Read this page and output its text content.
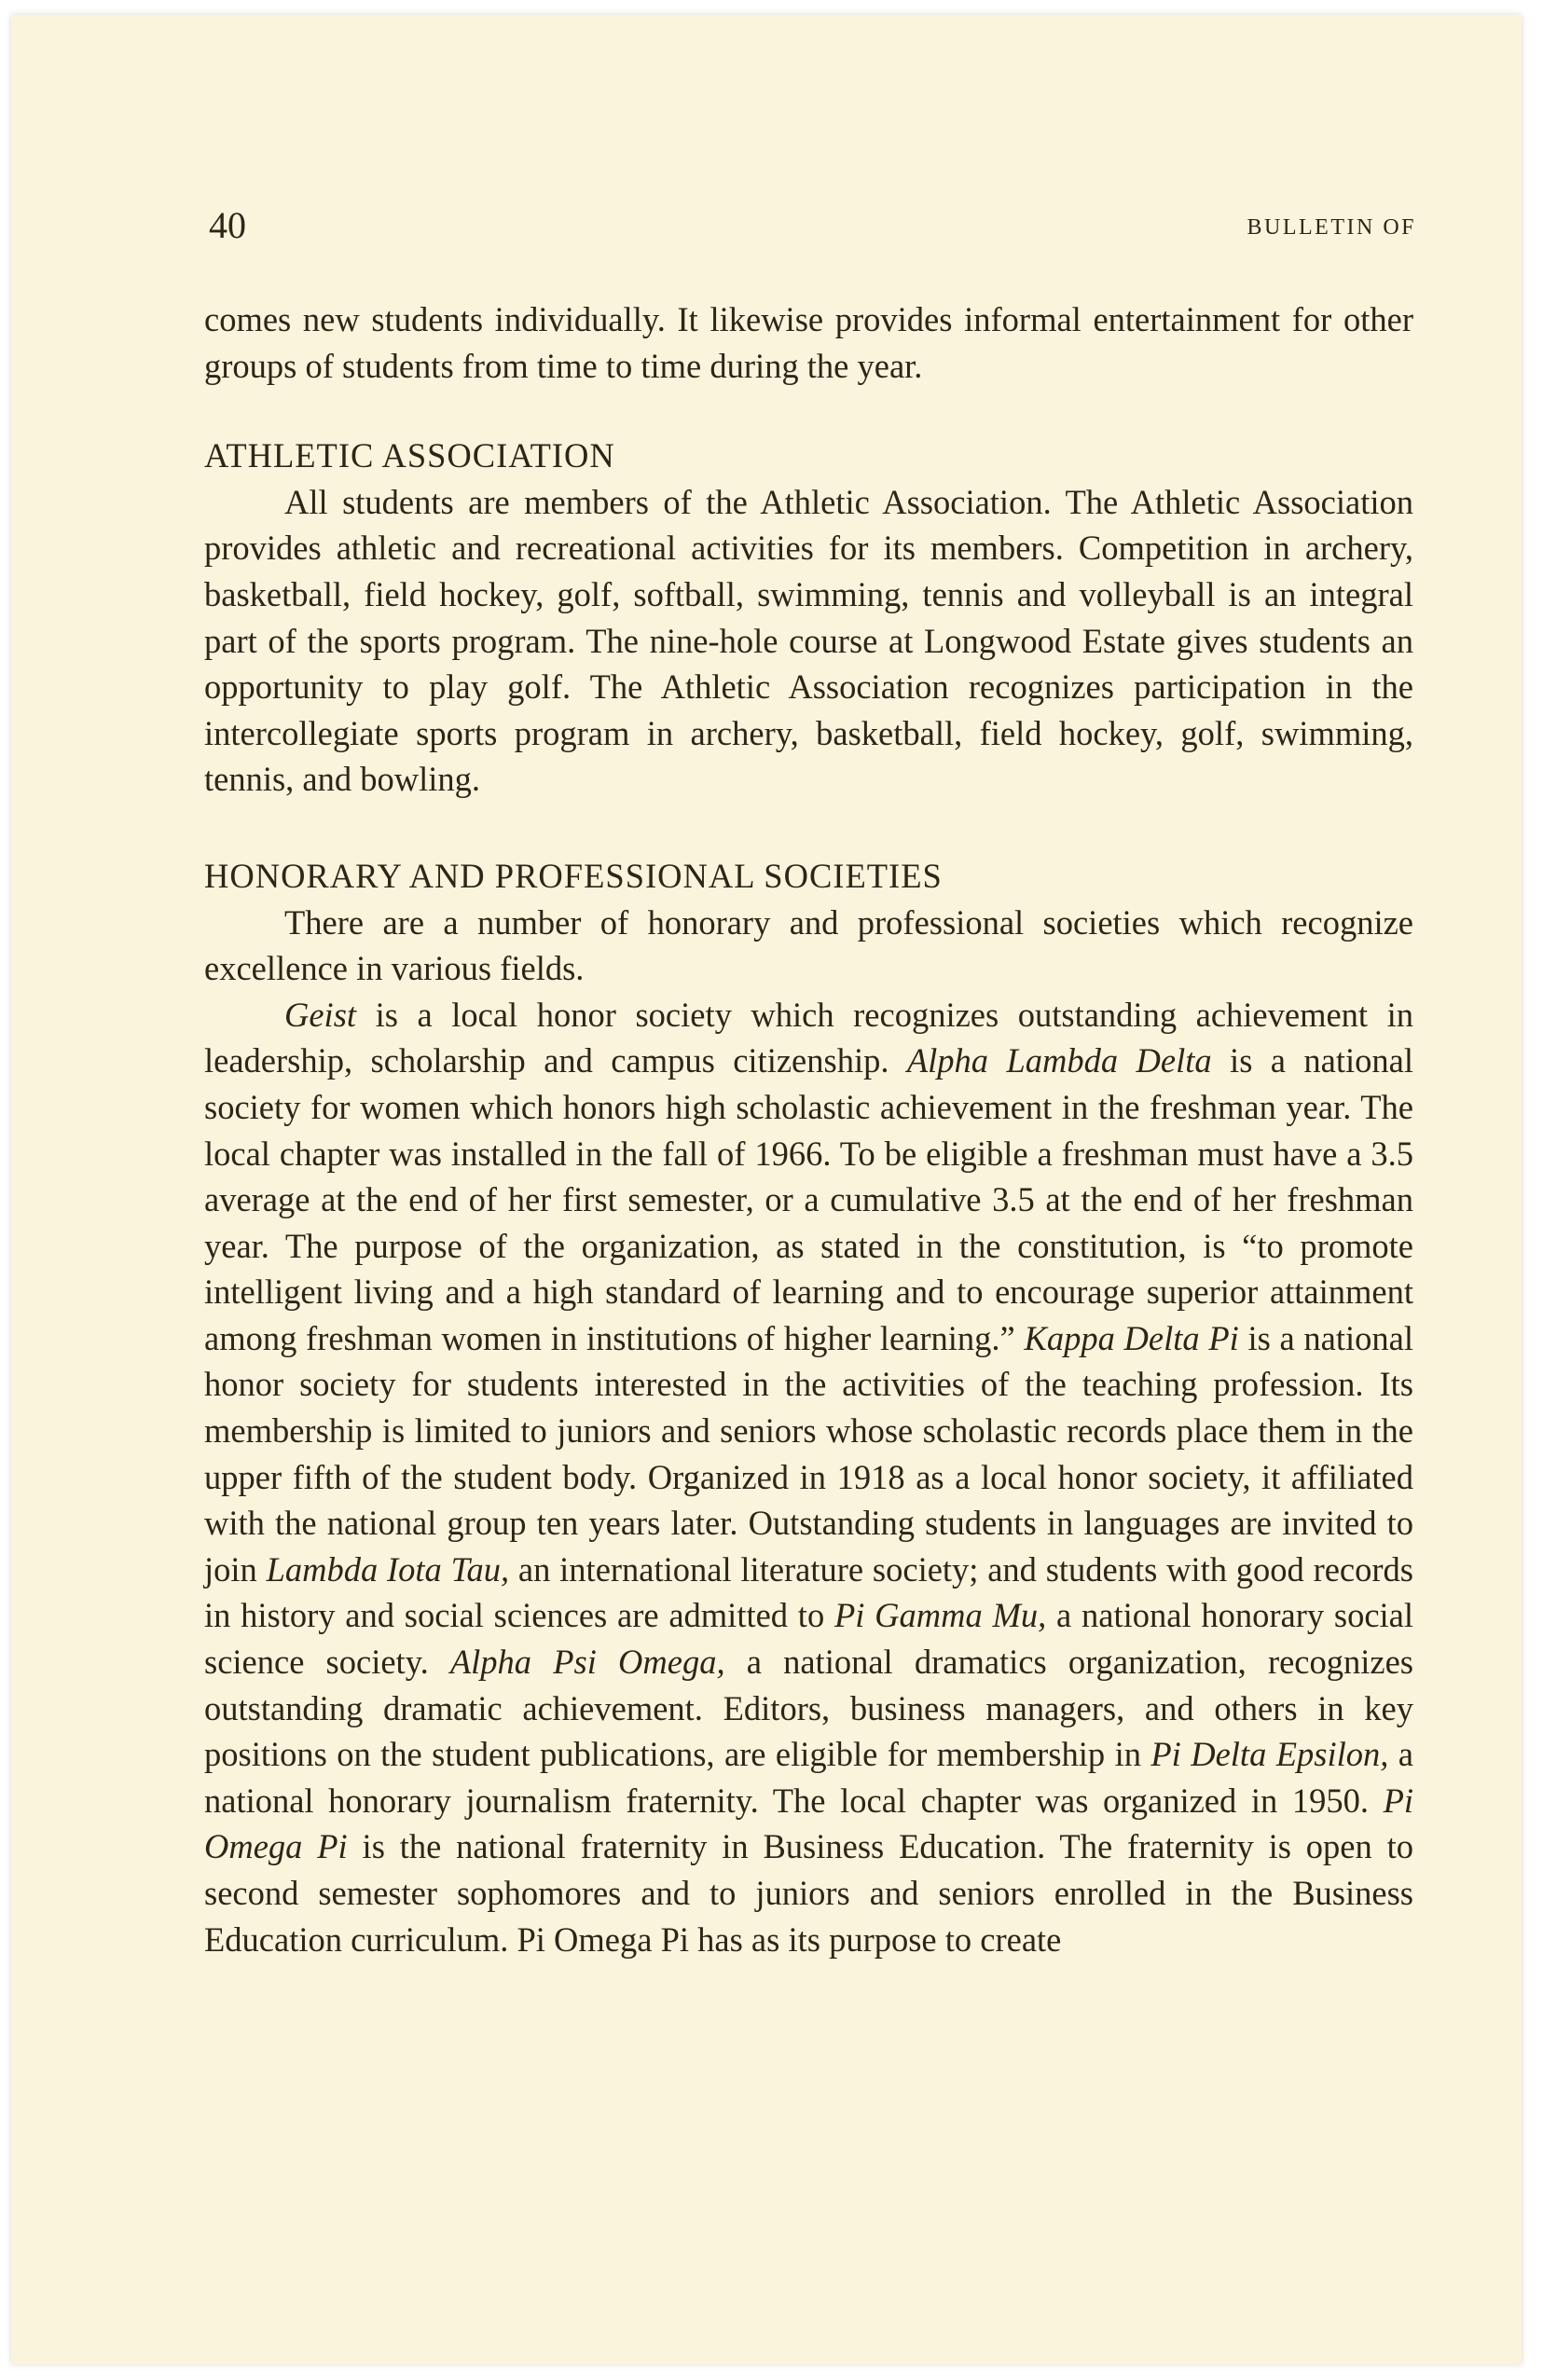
40	BULLETIN OF

comes new students individually. It likewise provides informal entertainment for other groups of students from time to time during the year.

ATHLETIC ASSOCIATION

All students are members of the Athletic Association. The Athletic Association provides athletic and recreational activities for its members. Competition in archery, basketball, field hockey, golf, softball, swimming, tennis and volleyball is an integral part of the sports program. The nine-hole course at Longwood Estate gives students an opportunity to play golf. The Athletic Association recognizes participation in the intercollegiate sports program in archery, basketball, field hockey, golf, swimming, tennis, and bowling.

HONORARY AND PROFESSIONAL SOCIETIES

There are a number of honorary and professional societies which recognize excellence in various fields.

Geist is a local honor society which recognizes outstanding achievement in leadership, scholarship and campus citizenship. Alpha Lambda Delta is a national society for women which honors high scholastic achievement in the freshman year. The local chapter was installed in the fall of 1966. To be eligible a freshman must have a 3.5 average at the end of her first semester, or a cumulative 3.5 at the end of her freshman year. The purpose of the organization, as stated in the constitution, is “to promote intelligent living and a high standard of learning and to encourage superior attainment among freshman women in institutions of higher learning.” Kappa Delta Pi is a national honor society for students interested in the activities of the teaching profession. Its membership is limited to juniors and seniors whose scholastic records place them in the upper fifth of the student body. Organized in 1918 as a local honor society, it affiliated with the national group ten years later. Outstanding students in languages are invited to join Lambda Iota Tau, an international literature society; and students with good records in history and social sciences are admitted to Pi Gamma Mu, a national honorary social science society. Alpha Psi Omega, a national dramatics organization, recognizes outstanding dramatic achievement. Editors, business managers, and others in key positions on the student publications, are eligible for membership in Pi Delta Epsilon, a national honorary journalism fraternity. The local chapter was organized in 1950. Pi Omega Pi is the national fraternity in Business Education. The fraternity is open to second semester sophomores and to juniors and seniors enrolled in the Business Education curriculum. Pi Omega Pi has as its purpose to create
